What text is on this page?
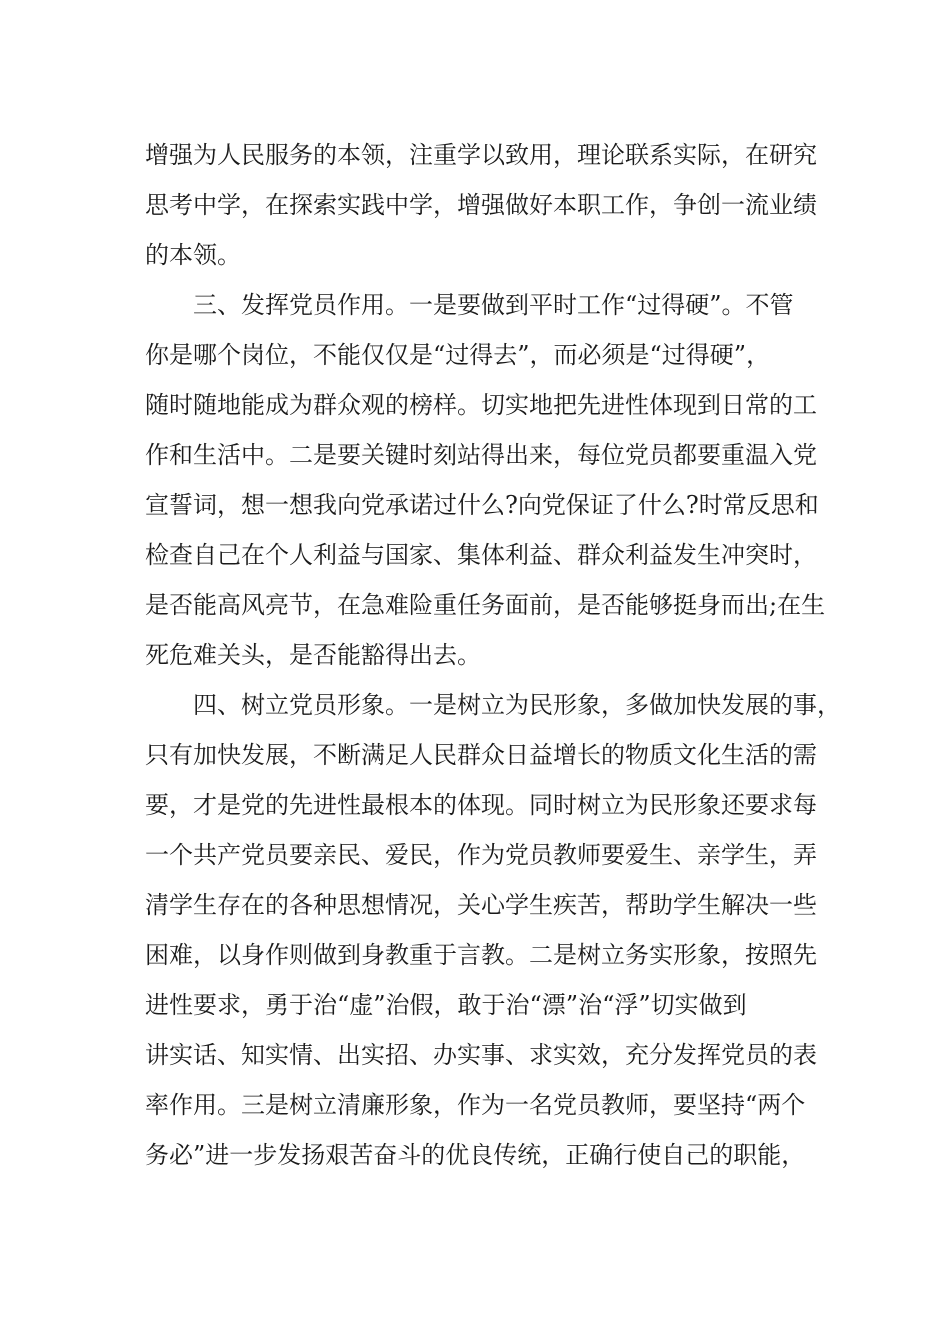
增强为人民服务的本领，注重学以致用，理论联系实际，在研究
思考中学，在探索实践中学，增强做好本职工作，争创一流业绩
的本领。
三、发挥党员作用。一是要做到平时工作“过得硬”。不管
你是哪个岗位，不能仅仅是“过得去”，而必须是“过得硬”，
随时随地能成为群众观的榜样。切实地把先进性体现到日常的工
作和生活中。二是要关键时刻站得出来，每位党员都要重温入党
宣誓词，想一想我向党承诺过什么?向党保证了什么?时常反思和
检查自己在个人利益与国家、集体利益、群众利益发生冲突时，
是否能高风亮节，在急难险重任务面前，是否能够挺身而出;在生
死危难关头，是否能豁得出去。
四、树立党员形象。一是树立为民形象，多做加快发展的事，
只有加快发展，不断满足人民群众日益增长的物质文化生活的需
要，才是党的先进性最根本的体现。同时树立为民形象还要求每
一个共产党员要亲民、爱民，作为党员教师要爱生、亲学生，弄
清学生存在的各种思想情况，关心学生疾苦，帮助学生解决一些
困难，以身作则做到身教重于言教。二是树立务实形象，按照先
进性要求，勇于治“虚”治假，敢于治“漂”治“浮”切实做到
讲实话、知实情、出实招、办实事、求实效，充分发挥党员的表
率作用。三是树立清廉形象，作为一名党员教师，要坚持“两个
务必”进一步发扬艰苦奋斗的优良传统，正确行使自己的职能，
